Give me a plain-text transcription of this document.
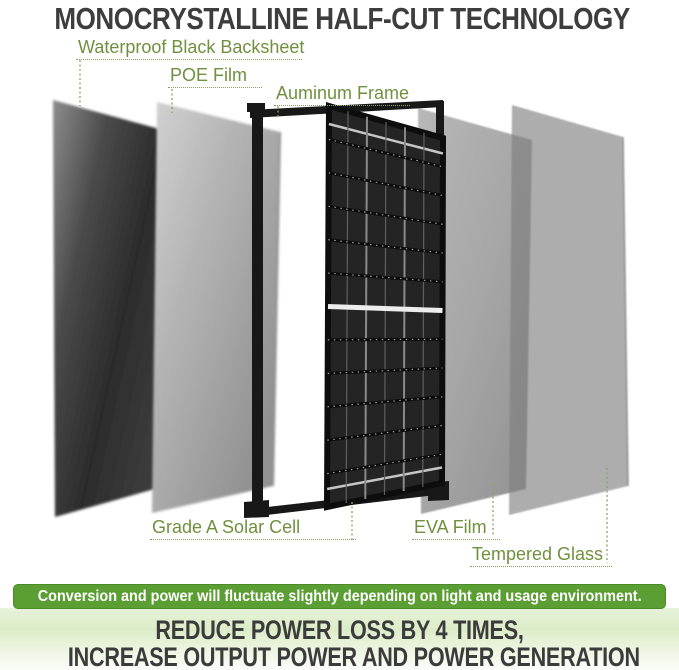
MONOCRYSTALLINE HALF-CUT TECHNOLOGY
Waterproof Black Backsheet
POE Film
Auminum Frame
Grade A Solar Cell	EVA Film
Tempered Glass
Conversion and power will fluctuate slightly depending on light and usage environment.
REDUCE POWER LOSS BY 4 TIMES,
INCREASE OUTPUT POWER AND POWER GENERATION
